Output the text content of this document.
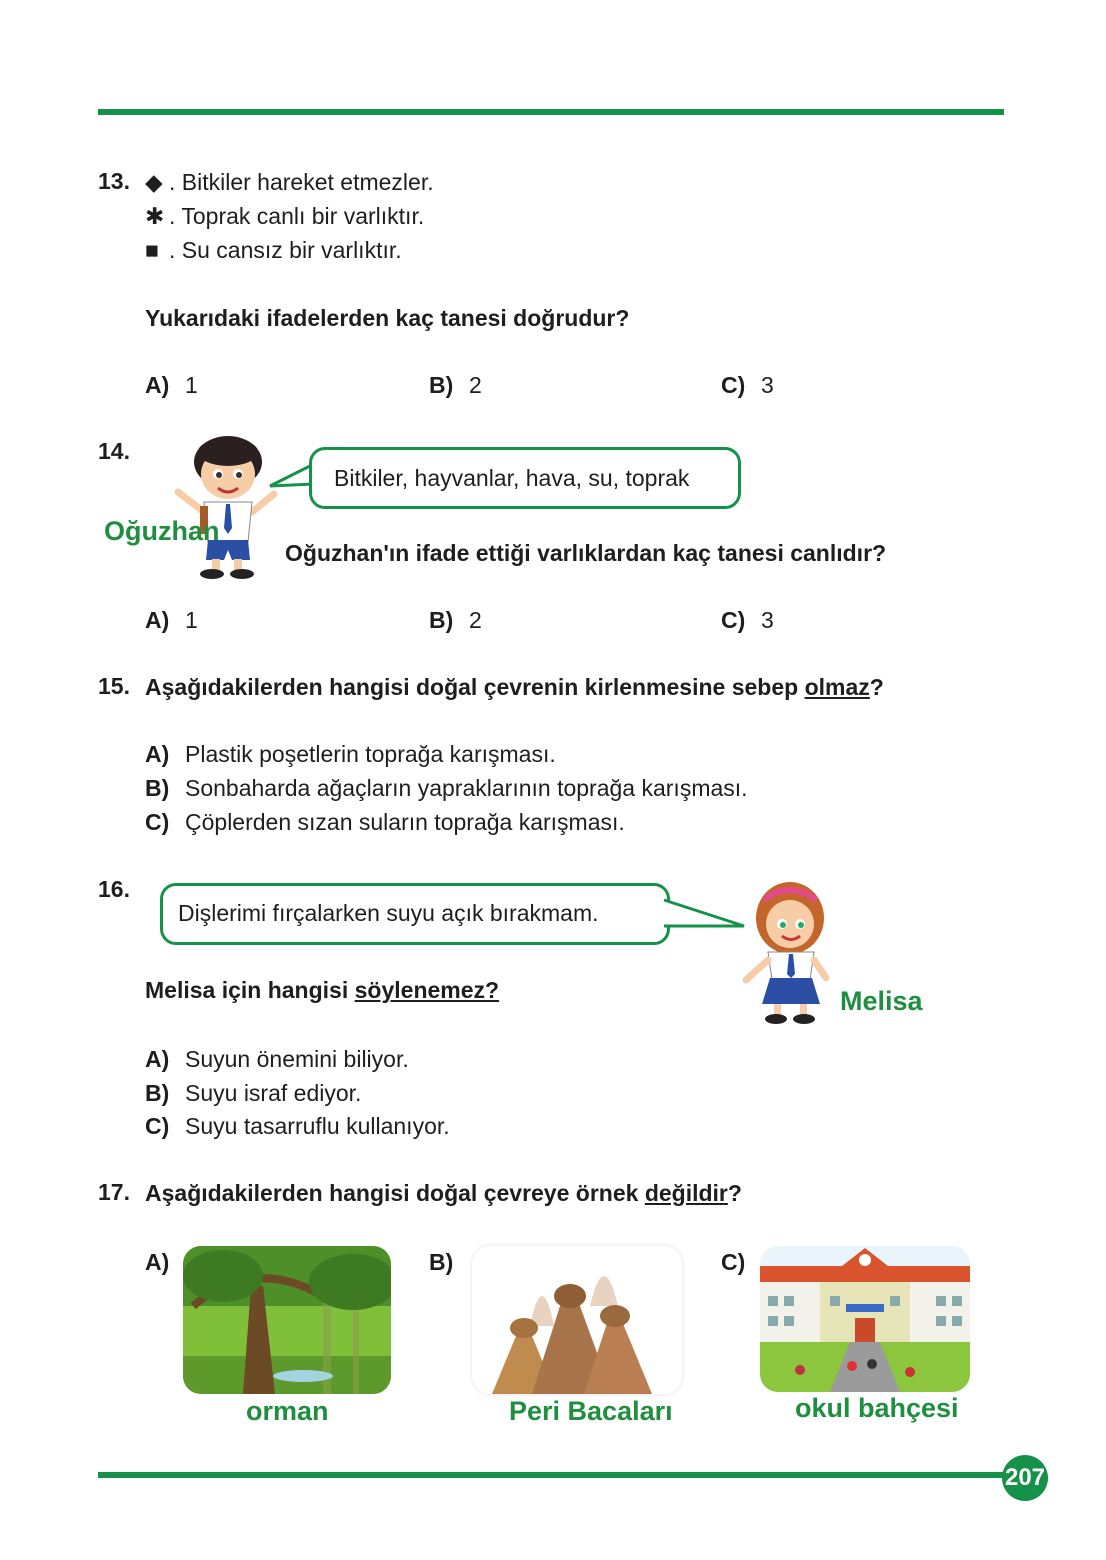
13. ◆ . Bitkiler hareket etmezler.
✱ . Toprak canlı bir varlıktır.
■ . Su cansız bir varlıktır.
Yukarıdaki ifadelerden kaç tanesi doğrudur?
A) 1	B) 2	C) 3
14.
Oğuzhan
Bitkiler, hayvanlar, hava, su, toprak
Oğuzhan'ın ifade ettiği varlıklardan kaç tanesi canlıdır?
A) 1	B) 2	C) 3
15. Aşağıdakilerden hangisi doğal çevrenin kirlenmesine sebep olmaz?
A) Plastik poşetlerin toprağa karışması.
B) Sonbaharda ağaçların yapraklarının toprağa karışması.
C) Çöplerden sızan suların toprağa karışması.
16.
Dişlerimi fırçalarken suyu açık bırakmam.
Melisa
Melisa için hangisi söylenemez?
A) Suyun önemini biliyor.
B) Suyu israf ediyor.
C) Suyu tasarruflu kullanıyor.
17. Aşağıdakilerden hangisi doğal çevreye örnek değildir?
A)
orman
B)
Peri Bacaları
C)
okul bahçesi
207
